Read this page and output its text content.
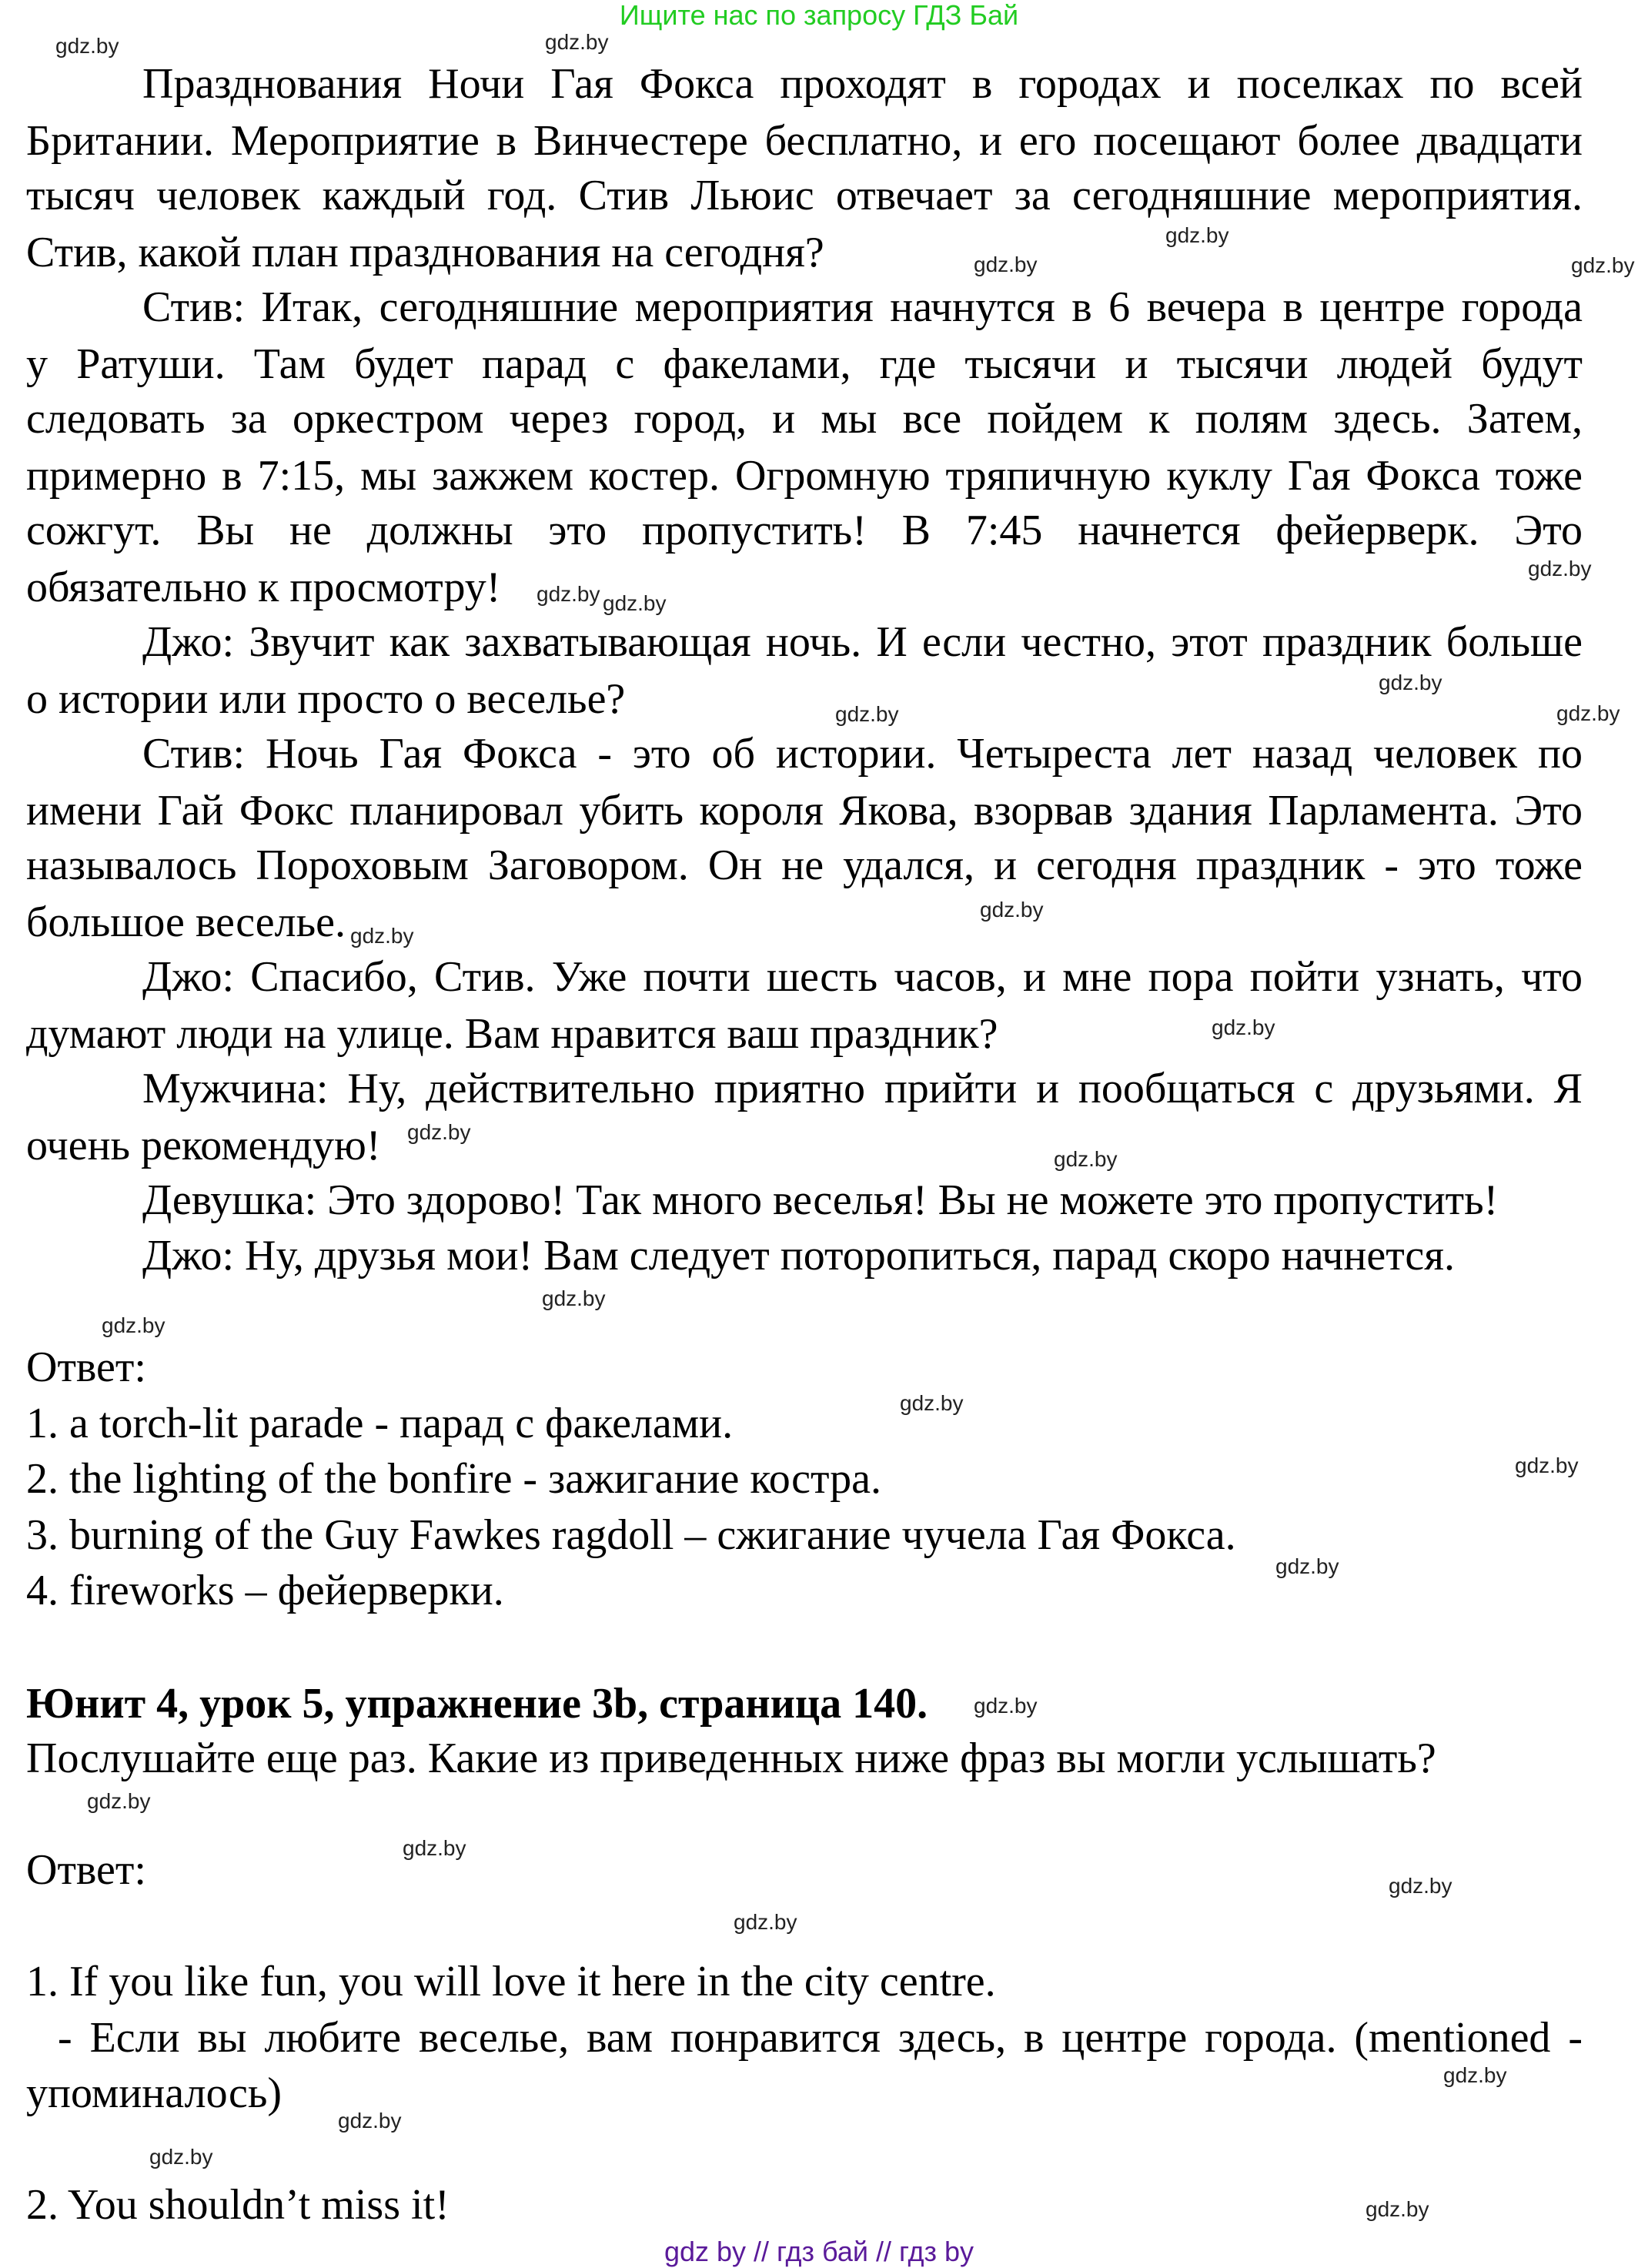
Ищите нас по запросу ГДЗ Бай
Празднования Ночи Гая Фокса проходят в городах и поселках по всей
Британии. Мероприятие в Винчестере бесплатно, и его посещают более двадцати
тысяч человек каждый год. Стив Льюис отвечает за сегодняшние мероприятия.
Стив, какой план празднования на сегодня?
Стив: Итак, сегодняшние мероприятия начнутся в 6 вечера в центре города
у Ратуши. Там будет парад с факелами, где тысячи и тысячи людей будут
следовать за оркестром через город, и мы все пойдем к полям здесь. Затем,
примерно в 7:15, мы зажжем костер. Огромную тряпичную куклу Гая Фокса тоже
сожгут. Вы не должны это пропустить! В 7:45 начнется фейерверк. Это
обязательно к просмотру!
Джо: Звучит как захватывающая ночь. И если честно, этот праздник больше
о истории или просто о веселье?
Стив: Ночь Гая Фокса - это об истории. Четыреста лет назад человек по
имени Гай Фокс планировал убить короля Якова, взорвав здания Парламента. Это
называлось Пороховым Заговором. Он не удался, и сегодня праздник - это тоже
большое веселье.
Джо: Спасибо, Стив. Уже почти шесть часов, и мне пора пойти узнать, что
думают люди на улице. Вам нравится ваш праздник?
Мужчина: Ну, действительно приятно прийти и пообщаться с друзьями. Я
очень рекомендую!
Девушка: Это здорово! Так много веселья! Вы не можете это пропустить!
Джо: Ну, друзья мои! Вам следует поторопиться, парад скоро начнется.
Ответ:
1. a torch-lit parade - парад с факелами.
2. the lighting of the bonfire - зажигание костра.
3. burning of the Guy Fawkes ragdoll – сжигание чучела Гая Фокса.
4. fireworks – фейерверки.
Юнит 4, урок 5, упражнение 3b, страница 140.
Послушайте еще раз. Какие из приведенных ниже фраз вы могли услышать?
Ответ:
1. If you like fun, you will love it here in the city centre.
- Если вы любите веселье, вам понравится здесь, в центре города. (mentioned -
упоминалось)
2. You shouldn’t miss it!
gdz.by	gdz.by
gdz.by
gdz.by	gdz.by
gdz.by
gdz.by gdz.by
gdz.by
gdz.by	gdz.by
gdz.by
gdz.by
gdz.by
gdz.by
gdz.by
gdz.by
gdz.by
gdz.by
gdz.by
gdz.by
gdz.by
gdz.by
gdz.by
gdz.by
gdz.by
gdz.by
gdz.by
gdz.by
gdz.by
gdz by // гдз бай // гдз by
